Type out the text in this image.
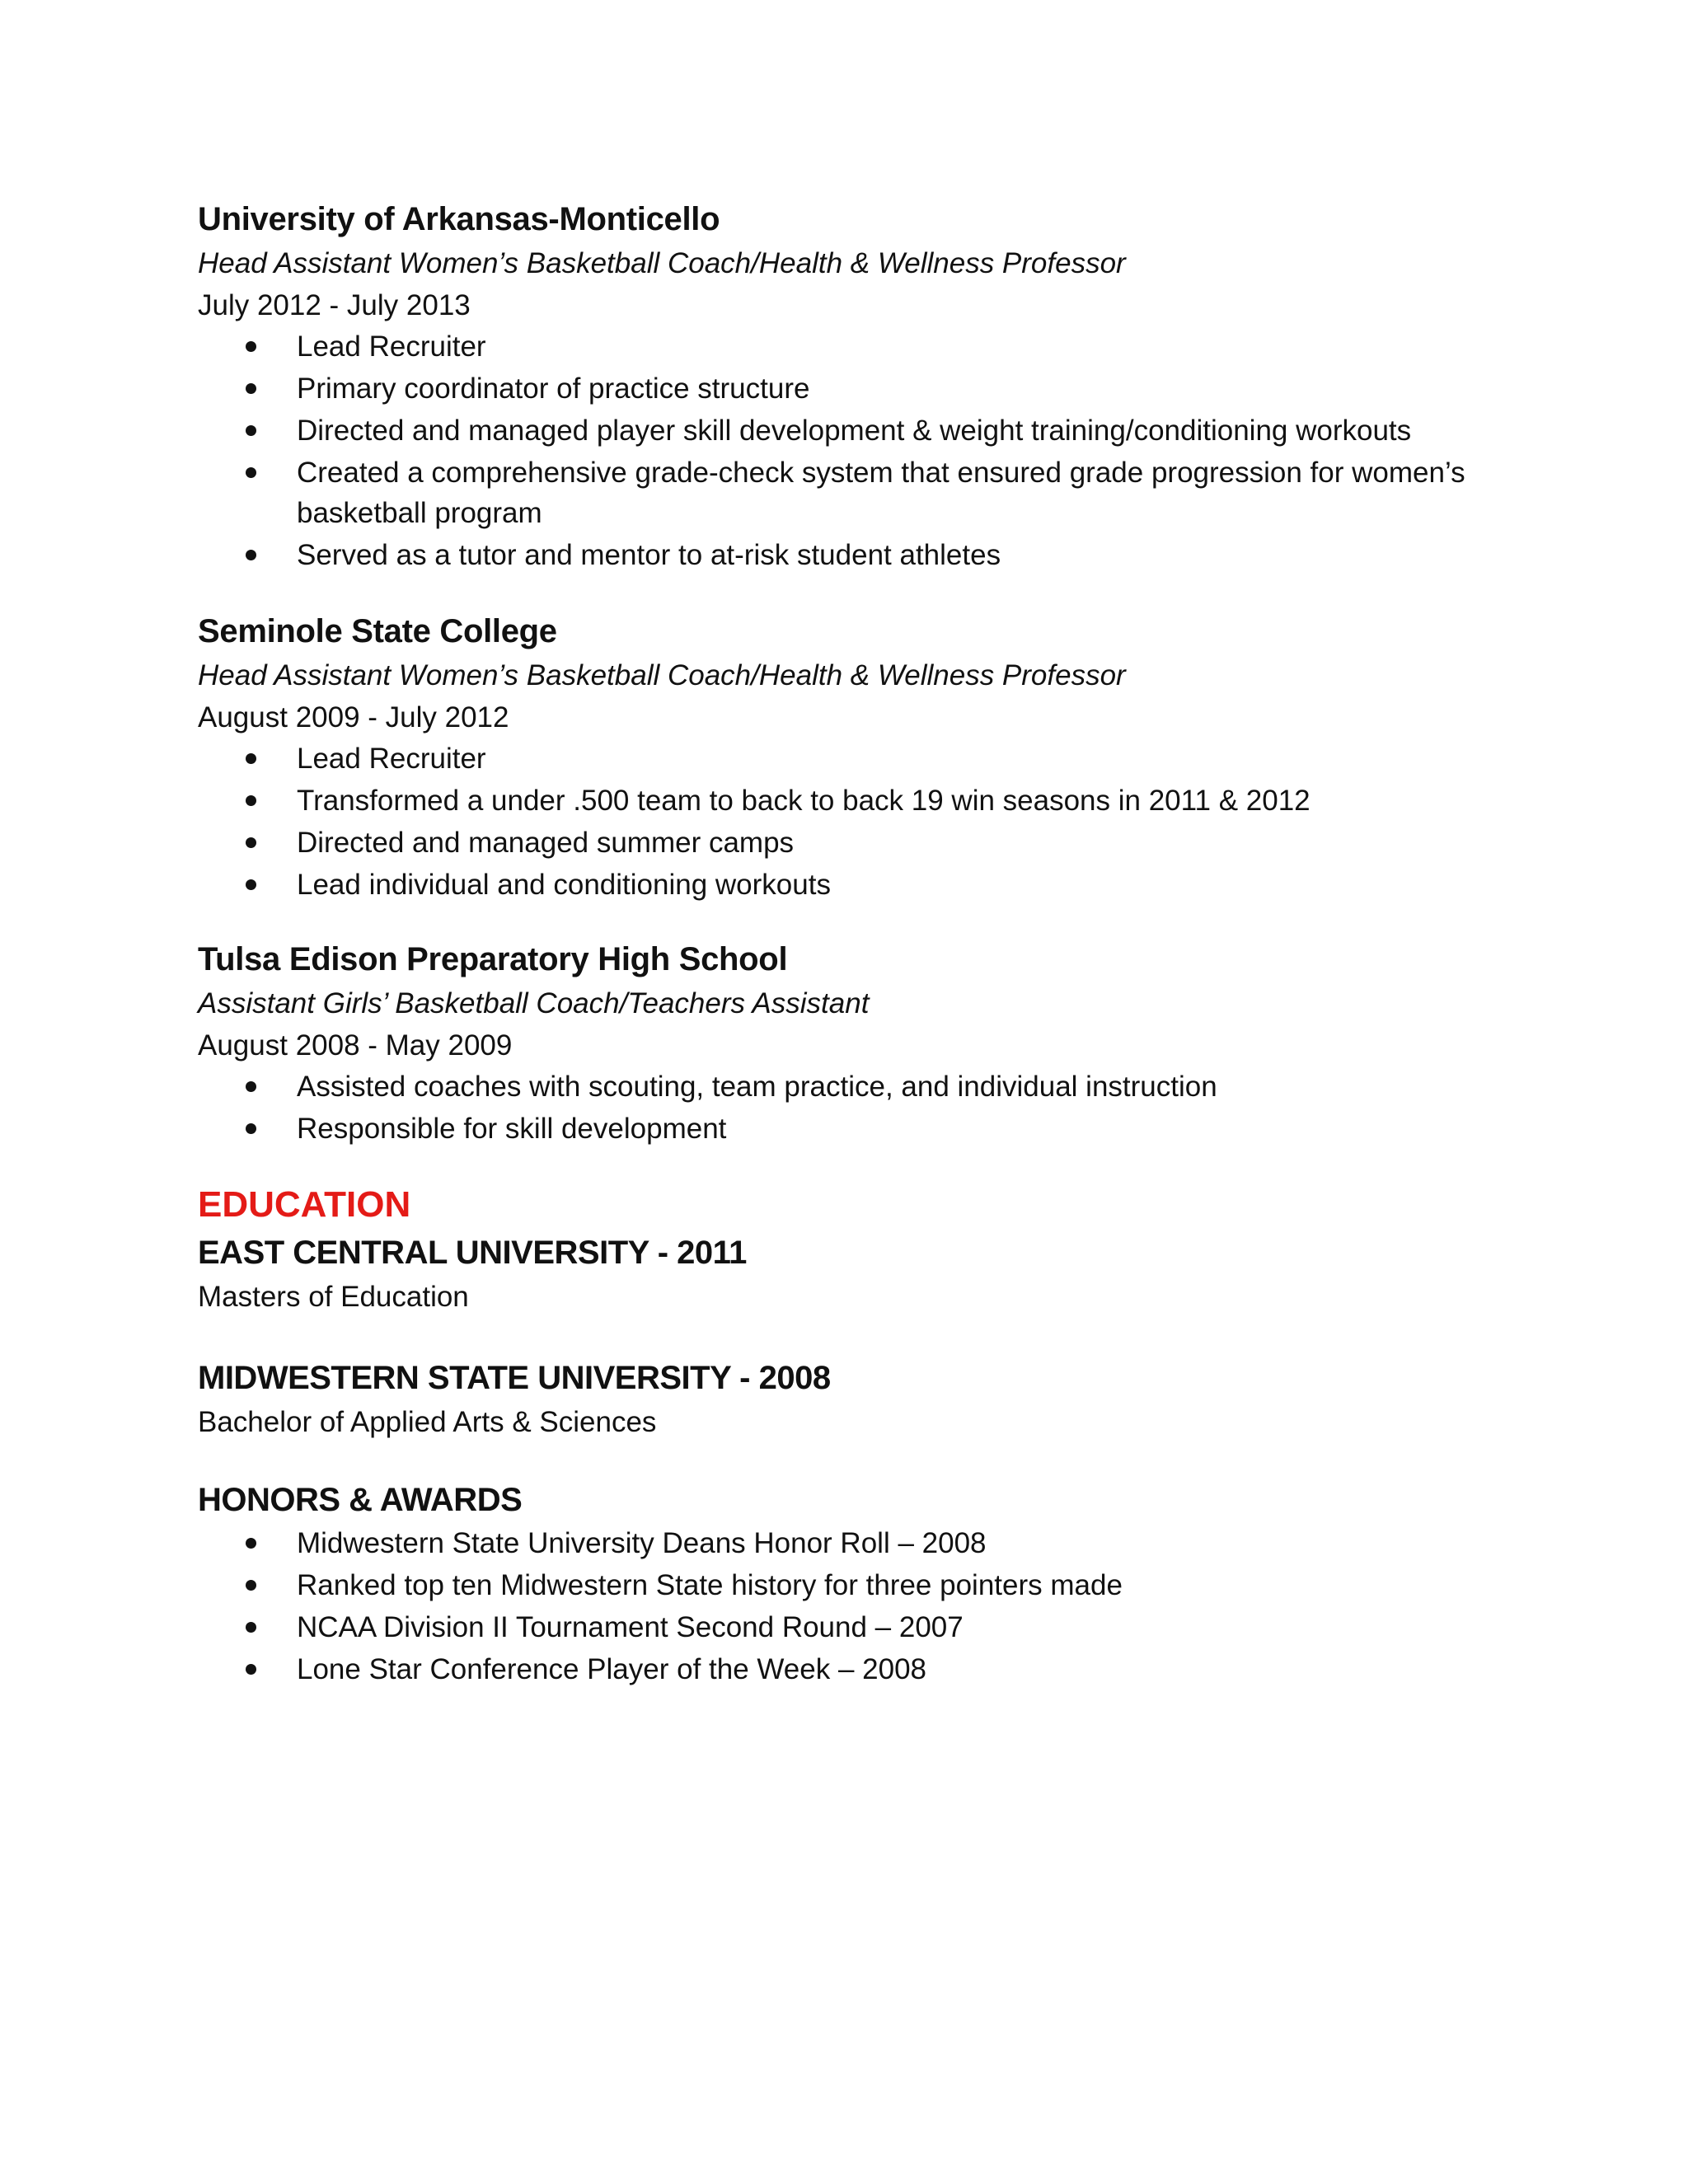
University of Arkansas-Monticello

Head Assistant Women’s Basketball Coach/Health & Wellness Professor

July 2012 - July 2013

Lead Recruiter
Primary coordinator of practice structure
Directed and managed player skill development & weight training/conditioning workouts
Created a comprehensive grade-check system that ensured grade progression for women’s basketball program
Served as a tutor and mentor to at-risk student athletes

Seminole State College

Head Assistant Women’s Basketball Coach/Health & Wellness Professor

August 2009 - July 2012

Lead Recruiter
Transformed a under .500 team to back to back 19 win seasons in 2011 & 2012
Directed and managed summer camps
Lead individual and conditioning workouts

Tulsa Edison Preparatory High School

Assistant Girls’ Basketball Coach/Teachers Assistant

August 2008 - May 2009

Assisted coaches with scouting, team practice, and individual instruction
Responsible for skill development

EDUCATION

EAST CENTRAL UNIVERSITY - 2011

Masters of Education

MIDWESTERN STATE UNIVERSITY - 2008

Bachelor of Applied Arts & Sciences

HONORS & AWARDS

Midwestern State University Deans Honor Roll – 2008
Ranked top ten Midwestern State history for three pointers made
NCAA Division II Tournament Second Round – 2007
Lone Star Conference Player of the Week – 2008
